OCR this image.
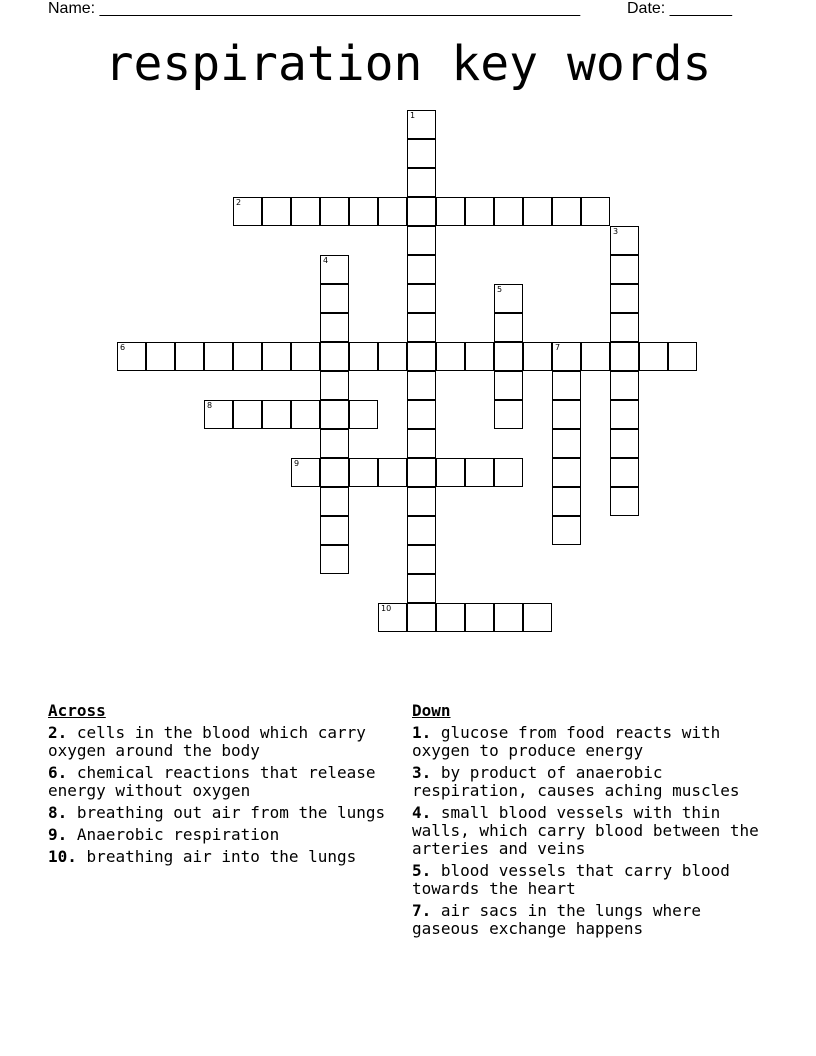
Name: ______________________________________________________	Date: _______
respiration key words
1
2
3
4
5
6	7
8
9
10
Across
2. cells in the blood which carry oxygen around the body
6. chemical reactions that release energy without oxygen
8. breathing out air from the lungs
9. Anaerobic respiration
10. breathing air into the lungs
Down
1. glucose from food reacts with oxygen to produce energy
3. by product of anaerobic respiration, causes aching muscles
4. small blood vessels with thin walls, which carry blood between the arteries and veins
5. blood vessels that carry blood towards the heart
7. air sacs in the lungs where gaseous exchange happens
